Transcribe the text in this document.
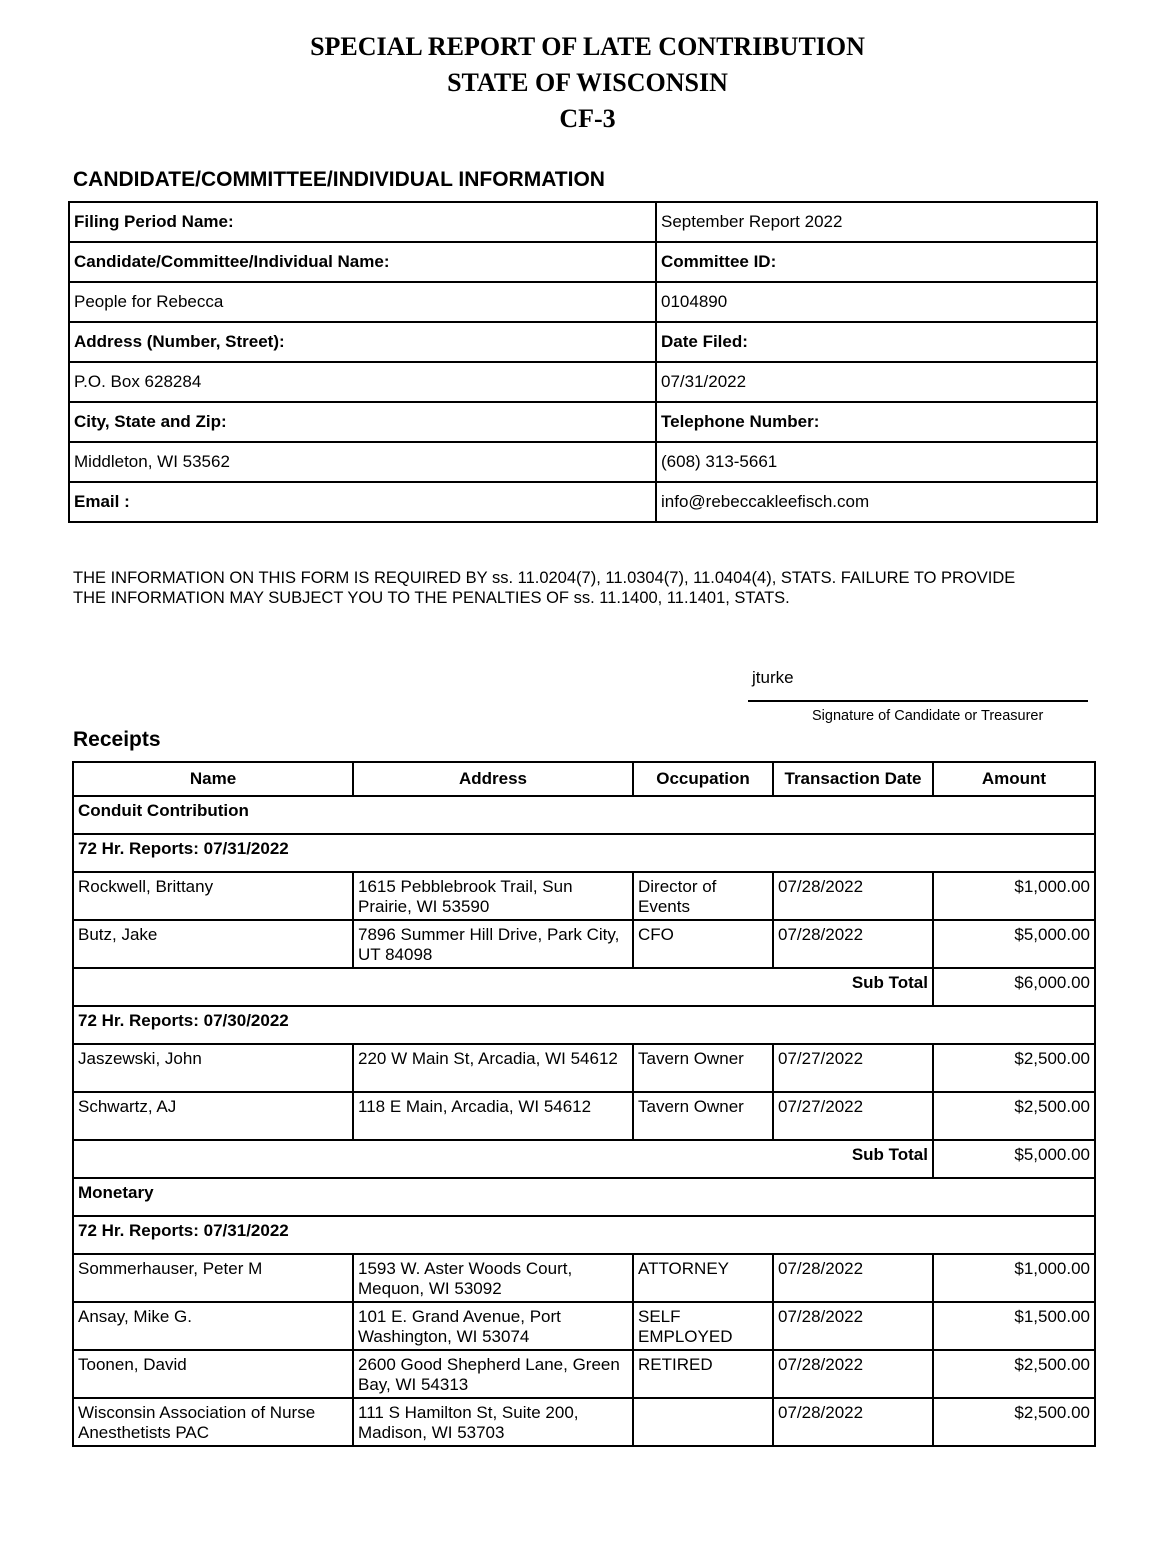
SPECIAL REPORT OF LATE CONTRIBUTION
STATE OF WISCONSIN
CF-3
CANDIDATE/COMMITTEE/INDIVIDUAL INFORMATION
Filing Period Name:	September Report 2022
Candidate/Committee/Individual Name:	Committee ID:
People for Rebecca	0104890
Address (Number, Street):	Date Filed:
P.O. Box 628284	07/31/2022
City, State and Zip:	Telephone Number:
Middleton, WI 53562	(608) 313-5661
Email :	info@rebeccakleefisch.com
THE INFORMATION ON THIS FORM IS REQUIRED BY ss. 11.0204(7), 11.0304(7), 11.0404(4), STATS. FAILURE TO PROVIDE
THE INFORMATION MAY SUBJECT YOU TO THE PENALTIES OF ss. 11.1400, 11.1401, STATS.
jturke
Signature of Candidate or Treasurer
Receipts
Name	Address	Occupation	Transaction Date	Amount
Conduit Contribution				
72 Hr. Reports: 07/31/2022				
Rockwell, Brittany	1615 Pebblebrook Trail, Sun Prairie, WI 53590	Director of Events	07/28/2022	$1,000.00
Butz, Jake	7896 Summer Hill Drive, Park City, UT 84098	CFO	07/28/2022	$5,000.00
Sub Total				$6,000.00
72 Hr. Reports: 07/30/2022				
Jaszewski, John	220 W Main St, Arcadia, WI 54612	Tavern Owner	07/27/2022	$2,500.00
Schwartz, AJ	118 E Main, Arcadia, WI 54612	Tavern Owner	07/27/2022	$2,500.00
Sub Total				$5,000.00
Monetary				
72 Hr. Reports: 07/31/2022				
Sommerhauser, Peter M	1593 W. Aster Woods Court, Mequon, WI 53092	ATTORNEY	07/28/2022	$1,000.00
Ansay, Mike G.	101 E. Grand Avenue, Port Washington, WI 53074	SELF EMPLOYED	07/28/2022	$1,500.00
Toonen, David	2600 Good Shepherd Lane, Green Bay, WI 54313	RETIRED	07/28/2022	$2,500.00
Wisconsin Association of Nurse Anesthetists PAC	111 S Hamilton St, Suite 200, Madison, WI 53703		07/28/2022	$2,500.00
